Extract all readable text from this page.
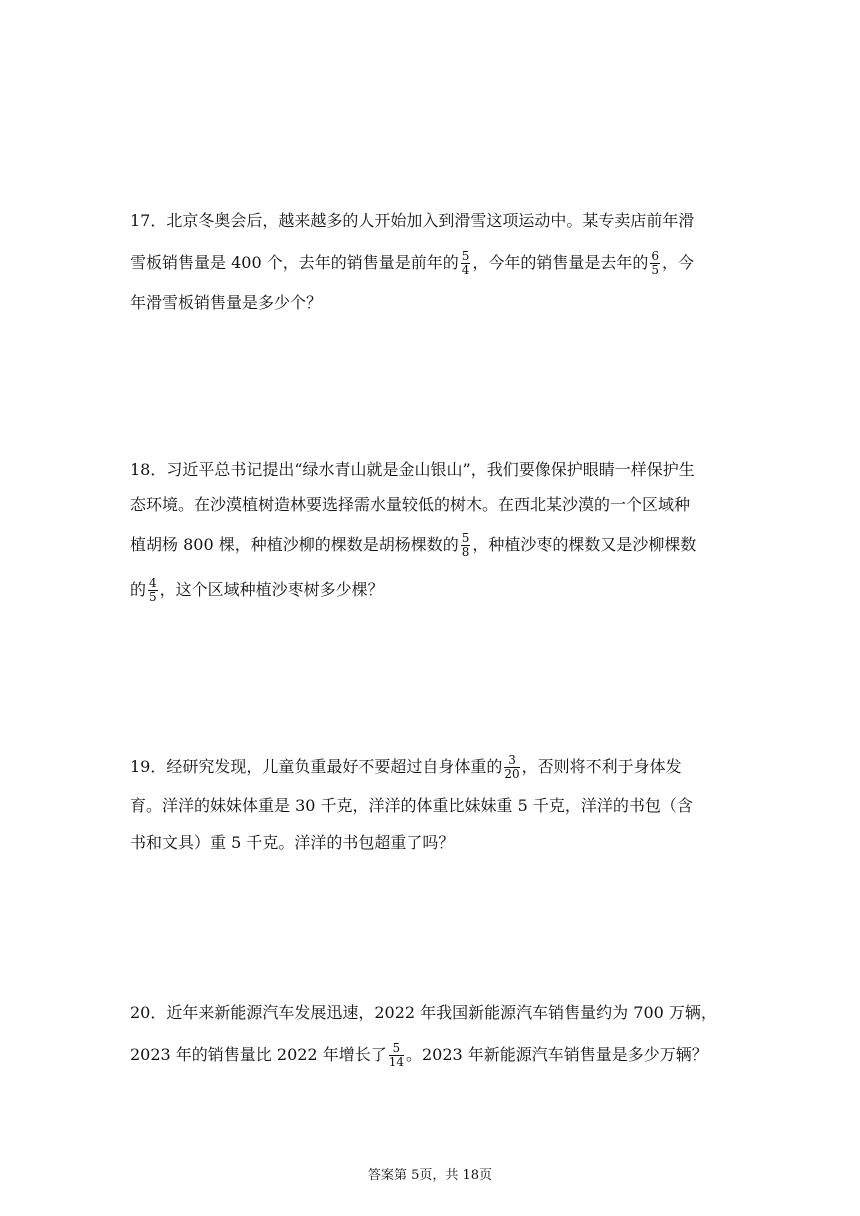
17．北京冬奥会后，越来越多的人开始加入到滑雪这项运动中。某专卖店前年滑
雪板销售量是 400 个，去年的销售量是前年的 $\frac{5}{4}$ ，今年的销售量是去年的 $\frac{6}{5}$ ，今
年滑雪板销售量是多少个？
18．习近平总书记提出“绿水青山就是金山银山”，我们要像保护眼睛一样保护生
态环境。在沙漠植树造林要选择需水量较低的树木。在西北某沙漠的一个区域种
植胡杨 800 棵，种植沙柳的棵数是胡杨棵数的 $\frac{5}{8}$ ，种植沙枣的棵数又是沙柳棵数
的 $\frac{4}{5}$ ，这个区域种植沙枣树多少棵？
19．经研究发现，儿童负重最好不要超过自身体重的 $\frac{3}{20}$ ，否则将不利于身体发
育。洋洋的妹妹体重是 30 千克，洋洋的体重比妹妹重 5 千克，洋洋的书包（含
书和文具）重 5 千克。洋洋的书包超重了吗？
20．近年来新能源汽车发展迅速，2022 年我国新能源汽车销售量约为 700 万辆，
2023 年的销售量比 2022 年增长了 $\frac{5}{14}$ 。2023 年新能源汽车销售量是多少万辆？
答案第 5页，共 18页
